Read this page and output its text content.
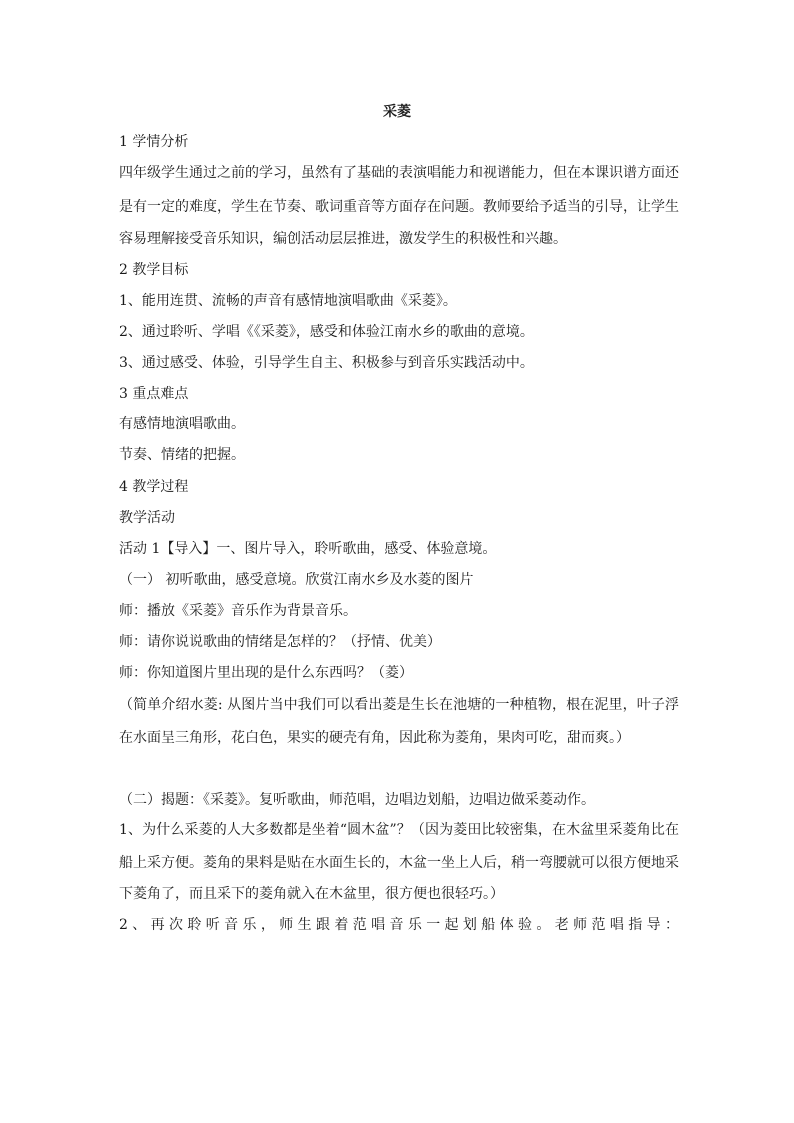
采菱
1 学情分析
四年级学生通过之前的学习，虽然有了基础的表演唱能力和视谱能力，但在本课识谱方面还
是有一定的难度，学生在节奏、歌词重音等方面存在问题。教师要给予适当的引导，让学生
容易理解接受音乐知识，编创活动层层推进，激发学生的积极性和兴趣。
2 教学目标
1、能用连贯、流畅的声音有感情地演唱歌曲《采菱》。
2、通过聆听、学唱《《采菱》，感受和体验江南水乡的歌曲的意境。
3、通过感受、体验，引导学生自主、积极参与到音乐实践活动中。
3 重点难点
有感情地演唱歌曲。
节奏、情绪的把握。
4 教学过程
教学活动
活动 1【导入】一、图片导入，聆听歌曲，感受、体验意境。
（一） 初听歌曲，感受意境。欣赏江南水乡及水菱的图片
师：播放《采菱》音乐作为背景音乐。
师：请你说说歌曲的情绪是怎样的？（抒情、优美）
师：你知道图片里出现的是什么东西吗？（菱）
（简单介绍水菱: 从图片当中我们可以看出菱是生长在池塘的一种植物，根在泥里，叶子浮
在水面呈三角形，花白色，果实的硬壳有角，因此称为菱角，果肉可吃，甜而爽。）
（二）揭题：《采菱》。复听歌曲，师范唱，边唱边划船，边唱边做采菱动作。
1、为什么采菱的人大多数都是坐着“圆木盆”？（因为菱田比较密集，在木盆里采菱角比在
船上采方便。菱角的果料是贴在水面生长的，木盆一坐上人后，稍一弯腰就可以很方便地采
下菱角了，而且采下的菱角就入在木盆里，很方便也很轻巧。）
2、再次聆听音乐，师生跟着范唱音乐一起划船体验。老师范唱指导：
